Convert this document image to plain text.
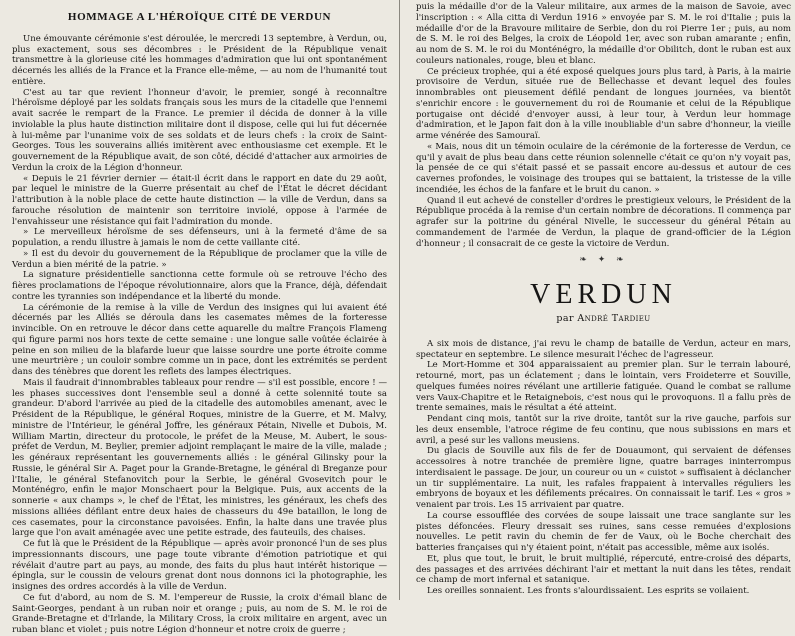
HOMMAGE A L'HÉROÏQUE CITÉ DE VERDUN

Une émouvante cérémonie s'est déroulée, le mercredi 13 septembre, à Verdun, ou, plus exactement, sous ses décombres : le Président de la République venait transmettre à la glorieuse cité les hommages d'admiration que lui ont spontanément décernés les alliés de la France et la France elle-même, — au nom de l'humanité tout entière.

C'est au tar que revient l'honneur d'avoir, le premier, songé à reconnaître l'héroïsme déployé par les soldats français sous les murs de la citadelle que l'ennemi avait sacrée le rempart de la France. Le premier il décida de donner à la ville inviolable la plus haute distinction militaire dont il dispose, celle qui lui fut décernée à lui-même par l'unanime voix de ses soldats et de leurs chefs : la croix de Saint-Georges. Tous les souverains alliés imitèrent avec enthousiasme cet exemple. Et le gouvernement de la République avait, de son côté, décidé d'attacher aux armoiries de Verdun la croix de la Légion d'honneur.

« Depuis le 21 février dernier — était-il écrit dans le rapport en date du 29 août, par lequel le ministre de la Guerre présentait au chef de l'État le décret décidant l'attribution à la noble place de cette haute distinction — la ville de Verdun, dans sa farouche résolution de maintenir son territoire inviolé, oppose à l'armée de l'envahisseur une résistance qui fait l'admiration du monde.

» Le merveilleux héroïsme de ses défenseurs, uni à la fermeté d'âme de sa population, a rendu illustre à jamais le nom de cette vaillante cité.

» Il est du devoir du gouvernement de la République de proclamer que la ville de Verdun a bien mérité de la patrie. »

La signature présidentielle sanctionna cette formule où se retrouve l'écho des fières proclamations de l'époque révolutionnaire, alors que la France, déjà, défendait contre les tyrannies son indépendance et la liberté du monde.

La cérémonie de la remise à la ville de Verdun des insignes qui lui avaient été décernés par les Alliés se déroula dans les casemates mêmes de la forteresse invincible. On en retrouve le décor dans cette aquarelle du maître François Flameng qui figure parmi nos hors texte de cette semaine : une longue salle voûtée éclairée à peine en son milieu de la blafarde lueur que laisse sourdre une porte étroite comme une meurtrière ; un couloir sombre comme un in pace, dont les extrémités se perdent dans des ténèbres que dorent les reflets des lampes électriques.

Mais il faudrait d'innombrables tableaux pour rendre — s'il est possible, encore ! — les phases successives dont l'ensemble seul a donné à cette solennité toute sa grandeur. D'abord l'arrivée au pied de la citadelle des automobiles amenant, avec le Président de la République, le général Roques, ministre de la Guerre, et M. Malvy, ministre de l'Intérieur, le général Joffre, les généraux Pétain, Nivelle et Dubois, M. William Martin, directeur du protocole, le préfet de la Meuse, M. Aubert, le sous-préfet de Verdun, M. Beylier, premier adjoint remplaçant le maire de la ville, malade ; les généraux représentant les gouvernements alliés : le général Gilinsky pour la Russie, le général Sir A. Paget pour la Grande-Bretagne, le général di Breganze pour l'Italie, le général Stefanovitch pour la Serbie, le général Gvosevitch pour le Monténégro, enfin le major Monschaert pour la Belgique. Puis, aux accents de la sonnerie « aux champs », le chef de l'État, les ministres, les généraux, les chefs des missions alliées défilant entre deux haies de chasseurs du 49e bataillon, le long de ces casemates, pour la circonstance pavoisées. Enfin, la halte dans une travée plus large que l'on avait aménagée avec une petite estrade, des fauteuils, des chaises.

Ce fut là que le Président de la République — après avoir prononcé l'un de ses plus impressionnants discours, une page toute vibrante d'émotion patriotique et qui révélait d'autre part au pays, au monde, des faits du plus haut intérêt historique — épingla, sur le coussin de velours grenat dont nous donnons ici la photographie, les insignes des ordres accordés à la ville de Verdun.

Ce fut d'abord, au nom de S. M. l'empereur de Russie, la croix d'émail blanc de Saint-Georges, pendant à un ruban noir et orange ; puis, au nom de S. M. le roi de Grande-Bretagne et d'Irlande, la Military Cross, la croix militaire en argent, avec un ruban blanc et violet ; puis notre Légion d'honneur et notre croix de guerre ;

puis la médaille d'or de la Valeur militaire, aux armes de la maison de Savoie, avec l'inscription : « Alla citta di Verdun 1916 » envoyée par S. M. le roi d'Italie ; puis la médaille d'or de la Bravoure militaire de Serbie, don du roi Pierre 1er ; puis, au nom de S. M. le roi des Belges, la croix de Léopold 1er, avec son ruban amarante ; enfin, au nom de S. M. le roi du Monténégro, la médaille d'or Obilitch, dont le ruban est aux couleurs nationales, rouge, bleu et blanc.

Ce précieux trophée, qui a été exposé quelques jours plus tard, à Paris, à la mairie provisoire de Verdun, située rue de Bellechasse et devant lequel des foules innombrables ont pieusement défilé pendant de longues journées, va bientôt s'enrichir encore : le gouvernement du roi de Roumanie et celui de la République portugaise ont décidé d'envoyer aussi, à leur tour, à Verdun leur hommage d'admiration, et le Japon fait don à la ville inoubliable d'un sabre d'honneur, la vieille arme vénérée des Samouraï.

« Mais, nous dit un témoin oculaire de la cérémonie de la forteresse de Verdun, ce qu'il y avait de plus beau dans cette réunion solennelle c'était ce qu'on n'y voyait pas, la pensée de ce qui s'était passé et se passait encore au-dessus et autour de ces cavernes profondes, le voisinage des troupes qui se battaient, la tristesse de la ville incendiée, les échos de la fanfare et le bruit du canon. »

Quand il eut achevé de consteller d'ordres le prestigieux velours, le Président de la République procéda à la remise d'un certain nombre de décorations. Il commença par agrafer sur la poitrine du général Nivelle, le successeur du général Pétain au commandement de l'armée de Verdun, la plaque de grand-officier de la Légion d'honneur ; il consacrait de ce geste la victoire de Verdun.

❧ ✦ ❧
VERDUN
par André Tardieu

A six mois de distance, j'ai revu le champ de bataille de Verdun, acteur en mars, spectateur en septembre. Le silence mesurait l'échec de l'agresseur.

Le Mort-Homme et 304 apparaissaient au premier plan. Sur le terrain labouré, retourné, mort, pas un éclatement ; dans le lointain, vers Froideterre et Souville, quelques fumées noires révélant une artillerie fatiguée. Quand le combat se rallume vers Vaux-Chapitre et le Retaignebois, c'est nous qui le provoquons. Il a fallu près de trente semaines, mais le résultat a été atteint.

Pendant cinq mois, tantôt sur la rive droite, tantôt sur la rive gauche, parfois sur les deux ensemble, l'atroce régime de feu continu, que nous subissions en mars et avril, a pesé sur les vallons meusiens.

Du glacis de Souville aux fils de fer de Douaumont, qui servaient de défenses accessoires à notre tranchée de première ligne, quatre barrages ininterrompus interdisaient le passage. De jour, un coureur ou un « cuistot » suffisaient à déclancher un tir supplémentaire. La nuit, les rafales frappaient à intervalles réguliers les embryons de boyaux et les défilements précaires. On connaissait le tarif. Les « gros » venaient par trois. Les 15 arrivaient par quatre.

La course essoufflée des corvées de soupe laissait une trace sanglante sur les pistes défoncées. Fleury dressait ses ruines, sans cesse remuées d'explosions nouvelles. Le petit ravin du chemin de fer de Vaux, où le Boche cherchait des batteries françaises qui n'y étaient point, n'était pas accessible, même aux isolés.

Et, plus que tout, le bruit, le bruit multiplié, répercuté, entre-croisé des départs, des passages et des arrivées déchirant l'air et mettant la nuit dans les têtes, rendait ce champ de mort infernal et satanique.

Les oreilles sonnaient. Les fronts s'alourdissaient. Les esprits se voilaient.
